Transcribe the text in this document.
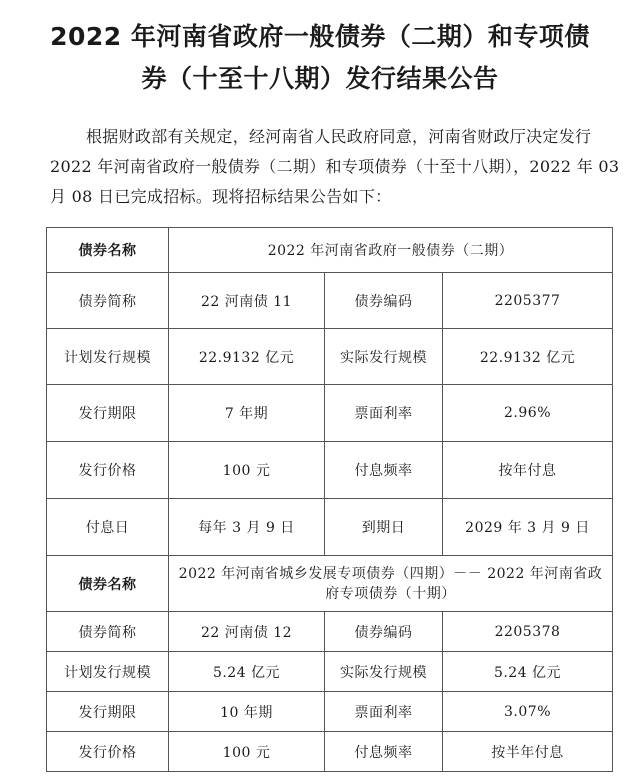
2022 年河南省政府一般债券（二期）和专项债
券（十至十八期）发行结果公告
根据财政部有关规定，经河南省人民政府同意，河南省财政厅决定发行 2022 年河南省政府一般债券（二期）和专项债券（十至十八期），2022 年 03 月 08 日已完成招标。现将招标结果公告如下：
债券名称	2022 年河南省政府一般债券（二期）		
债券简称	22 河南债 11	债券编码	2205377
计划发行规模	22.9132 亿元	实际发行规模	22.9132 亿元
发行期限	7 年期	票面利率	2.96%
发行价格	100 元	付息频率	按年付息
付息日	每年 3 月 9 日	到期日	2029 年 3 月 9 日
债券名称	2022 年河南省城乡发展专项债券（四期）－－ 2022 年河南省政
府专项债券（十期）		

债券简称	22 河南债 12	债券编码	2205378
计划发行规模	5.24 亿元	实际发行规模	5.24 亿元
发行期限	10 年期	票面利率	3.07%
发行价格	100 元	付息频率	按半年付息
